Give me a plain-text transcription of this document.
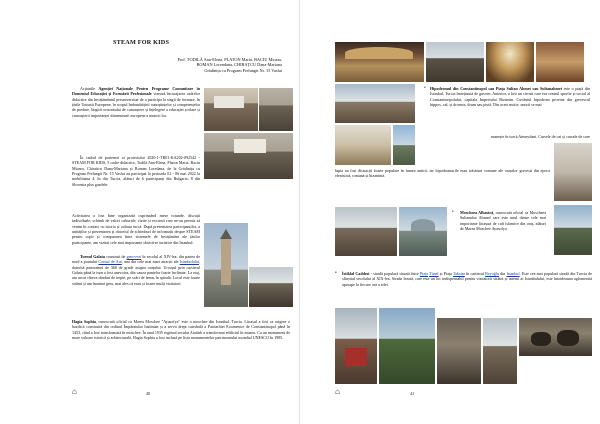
STEAM FOR KIDS
Prof. TODILĂ Ana-Elena, PLATON Maria, BACIU Mioara,
ROMAN Lorendana, CHIRAȚCU Dana-Mariana
Grădinița cu Program Prelungit Nr. 15 Vaslui
Acțiunile Agenției Naționale Pentru Programe Comunitare în Domeniul Educației și Formării Profesionale vizează încurajarea cadrelor didactice din învățământul preuniversitar de a participa la stagii de formare, în țările Uniunii Europene, în scopul îmbunătățirii cunoștințelor și competențelor de predare, lărgirii orizontului de cunoaștere și înțelegere a educației școlare și cunoașterii importanței dimensiunii europene a muncii lor.
În cadrul de parteneri ai proiectului 2020-1-TR01-KA202-092542 - STEAM FOR KIDS, 5 cadre didactice, Todilă Ana-Elena, Platon Maria, Baciu Mioara, Chiraticu Dana-Mariana și Roman Loredana, de la Grădinița cu Program Prelungit Nr. 15 Vaslui au participat la perioada 02 - 06 mai 2022 la mobilitatea 4, în din Turcia, alături de 6 participanți din Bulgaria, 8 din Slovenia plus gazdele.
Activitatea a fost bine organizată cuprinzând mese rotunde, discuții individuale, schimb de valori culturale, vizite și excursii care ne-au permis să venim în contact cu istoria și cultura turcă. După prezentarea participanților, a unităților și prezentarea și obiceiul de schimburi de informații despre STEAM pentru copii și compararea între sistemele de învățământ ale țărilor participante, am vizitat cele mai importante obiective turistice din Istanbul.
Turnul Galata construit de genovezi în secolul al XIV-lea, din partea de nord a pontului Cornul de Aur, una din cele mai mari atracții ale Istanbulului, datorită panoramei de 360 de grade asupra orașului. Urcușul prin cartierul Galata până la turn a fost anevoios, din cauza pantelor foarte înclinate. La etaj, am urcat câteva rânduri de trepte, pe scări de lemn, în spirală. Locul este foarte strâmt și am înaintat greu, mai ales că erau și foarte mulți vizitatori.
Hagia Sophia, cunoscută oficial ca Marea Moschee "Ayasofya" este o moschee din Istanbul, Turcia. Lăcașul a fost ca origine o bazilică construită din ordinul Împăratului Iustinian și a servit drept catedrală a Patriarhiei Ecumenice de Constantinopol până în 1453, când a fost transformată în moschee. În anul 1935 regimul secular Atatürk a transformat edificiul în muzeu. Ca un monument de mare valoare istorică și arhitecturală, Hagia Sophia a fost inclusă pe lista monumentelor patrimoniului mondial UNESCO în 1985.
⌂	40
• Hipodromul din Constantinopol sau Piața Sultan Ahmet sau Sultanahmet este o piață din Istanbul, Turcia întreținută de guvern. Anterior, a fost un circuit care era centrul sportiv și social al Constantinopolului, capitala Imperiului Bizantin. Cuvântul hipodrom provine din grecescul hippos, cal, și dromos, drum sau pistă. Din acest motiv, unorii se mai
numește în turcă Atmeydani. Cursele de cai și cursele de care
lupta au fost distracții foarte populare în lumea antică, iar hipodromurile erau trăsături comune ale orașelor grecești din epoca elenistică, romană și bizantină.
• Moscheea Albastră, cunoscută oficial ca Moscheea Sultanului Ahmed care este unul dintre cele mai importante lăcașuri de cult islamice din oraș, alături de Marea Moschee Ayasofya.
• İstiklal Caddesi - stradă populară situată între Piața Tünel și Piața Taksim în cartierul Beyoğlu din Istanbul. Este cea mai populară stradă din Turcia de sfârșitul secolului al XIX-lea. Strada lezată, care este un loc indispensabil pentru vizitatorii străini și interni ai Istanbulului, este întotdeauna aglomerată aproape la fiecare oră a zilei.
⌂	41
